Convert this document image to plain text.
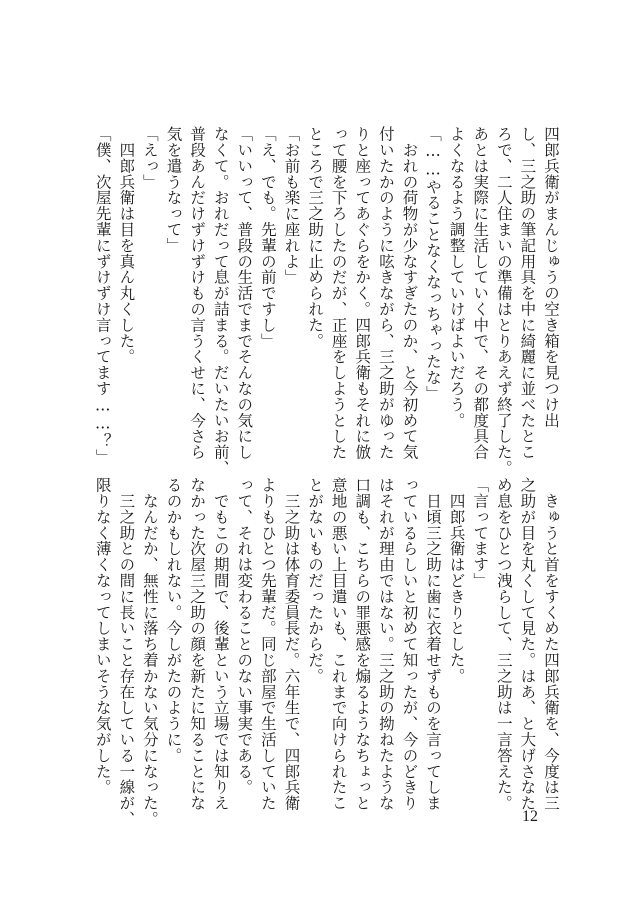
四郎兵衛がまんじゅうの空き箱を見つけ出

し、三之助の筆記用具を中に綺麗に並べたとこ

ろで、二人住まいの準備はとりあえず終了した。

あとは実際に生活していく中で、その都度具合

よくなるよう調整していけばよいだろう。

「……やることなくなっちゃったな」

　おれの荷物が少なすぎたのか、と今初めて気

付いたかのように呟きながら、三之助がゆった

りと座ってあぐらをかく。四郎兵衛もそれに倣

って腰を下ろしたのだが、正座をしようとした

ところで三之助に止められた。

「お前も楽に座れよ」

「え、でも。先輩の前ですし」

「いいって、普段の生活でまでそんなの気にし

なくて。おれだって息が詰まる。だいたいお前、

普段あんだけずけずけもの言うくせに、今さら

気を遣うなって」

「えっ」

　四郎兵衛は目を真ん丸くした。

「僕、次屋先輩にずけずけ言ってます……？」

　きゅうと首をすくめた四郎兵衛を、今度は三

之助が目を丸くして見た。はあ、と大げさなた

め息をひとつ洩らして、三之助は一言答えた。

「言ってます」

　四郎兵衛はどきりとした。

　日頃三之助に歯に衣着せずものを言ってしま

っているらしいと初めて知ったが、今のどきり

はそれが理由ではない。三之助の拗ねたような

口調も、こちらの罪悪感を煽るようなちょっと

意地の悪い上目遣いも、これまで向けられたこ

とがないものだったからだ。

　三之助は体育委員長だ。六年生で、四郎兵衛

よりもひとつ先輩だ。同じ部屋で生活していた

って、それは変わることのない事実である。

　でもこの期間で、後輩という立場では知りえ

なかった次屋三之助の顔を新たに知ることにな

るのかもしれない。今しがたのように。

　なんだか、無性に落ち着かない気分になった。

　三之助との間に長いこと存在している一線が、

限りなく薄くなってしまいそうな気がした。

12
